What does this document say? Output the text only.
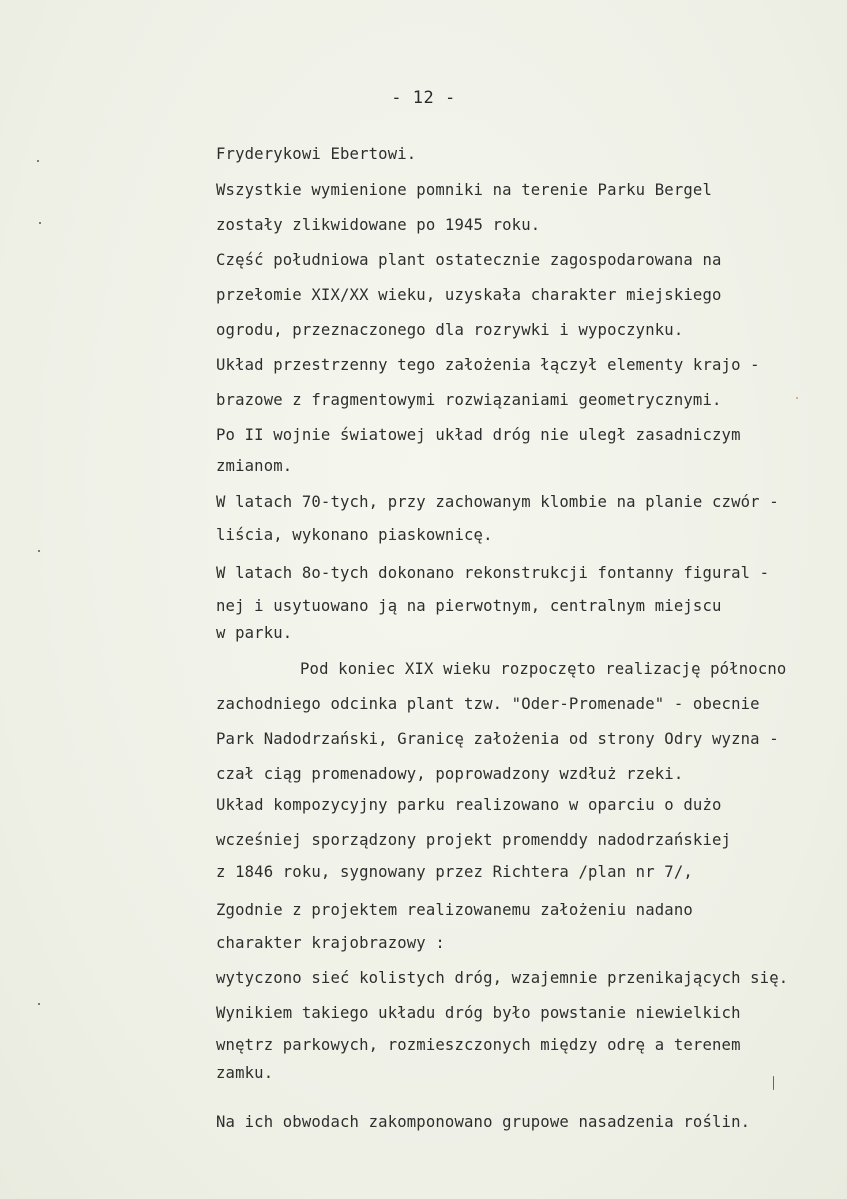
- 12 -
Fryderykowi Ebertowi.
Wszystkie wymienione pomniki na terenie Parku Bergel
zostały zlikwidowane po 1945 roku.
Część południowa plant ostatecznie zagospodarowana na
przełomie XIX/XX wieku, uzyskała charakter miejskiego
ogrodu, przeznaczonego dla rozrywki i wypoczynku.
Układ przestrzenny tego założenia łączył elementy krajo -
brazowe z fragmentowymi rozwiązaniami geometrycznymi.
Po II wojnie światowej układ dróg nie uległ zasadniczym
zmianom.
W latach 70-tych, przy zachowanym klombie na planie czwór -
liścia, wykonano piaskownicę.
W latach 8o-tych dokonano rekonstrukcji fontanny figural -
nej i usytuowano ją na pierwotnym, centralnym miejscu
w parku.
Pod koniec XIX wieku rozpoczęto realizację północno
zachodniego odcinka plant tzw. "Oder-Promenade" - obecnie
Park Nadodrzański, Granicę założenia od strony Odry wyzna -
czał ciąg promenadowy, poprowadzony wzdłuż rzeki.
Układ kompozycyjny parku realizowano w oparciu o dużo
wcześniej sporządzony projekt promenddy nadodrzańskiej
z 1846 roku, sygnowany przez Richtera /plan nr 7/,
Zgodnie z projektem realizowanemu założeniu nadano
charakter krajobrazowy :
wytyczono sieć kolistych dróg, wzajemnie przenikających się.
Wynikiem takiego układu dróg było powstanie niewielkich
wnętrz parkowych, rozmieszczonych między odrę a terenem
zamku.
Na ich obwodach zakomponowano grupowe nasadzenia roślin.
